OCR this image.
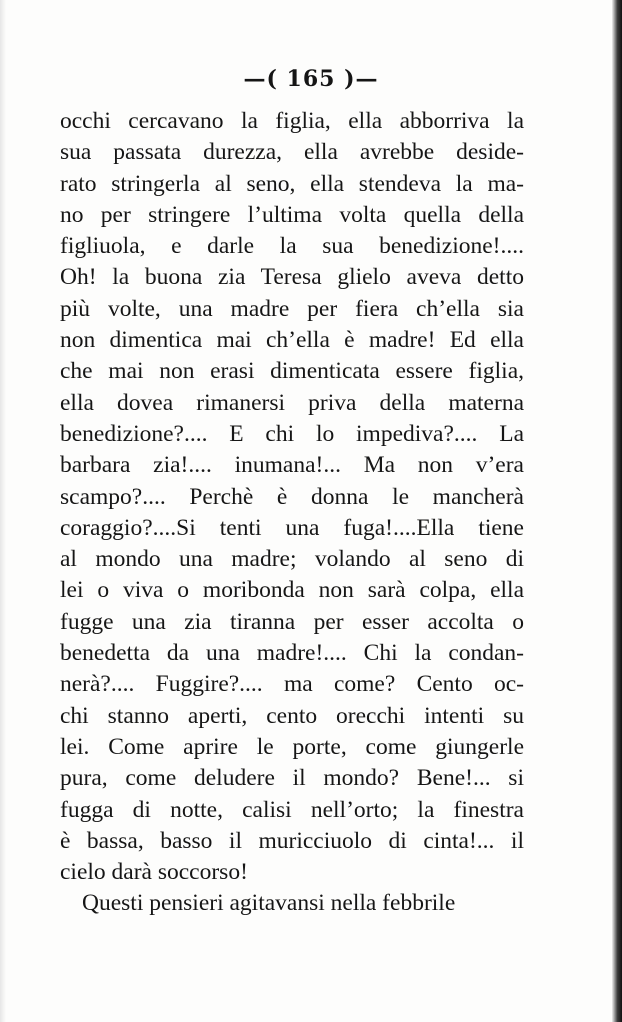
—( 165 )—
occhi cercavano la figlia, ella abborriva la
sua passata durezza, ella avrebbe deside-
rato stringerla al seno, ella stendeva la ma-
no per stringere l’ultima volta quella della
figliuola, e darle la sua benedizione!....
Oh! la buona zia Teresa glielo aveva detto
più volte, una madre per fiera ch’ella sia
non dimentica mai ch’ella è madre! Ed ella
che mai non erasi dimenticata essere figlia,
ella dovea rimanersi priva della materna
benedizione?.... E chi lo impediva?.... La
barbara zia!.... inumana!... Ma non v’era
scampo?.... Perchè è donna le mancherà
coraggio?....Si tenti una fuga!....Ella tiene
al mondo una madre; volando al seno di
lei o viva o moribonda non sarà colpa, ella
fugge una zia tiranna per esser accolta o
benedetta da una madre!.... Chi la condan-
nerà?.... Fuggire?.... ma come? Cento oc-
chi stanno aperti, cento orecchi intenti su
lei. Come aprire le porte, come giungerle
pura, come deludere il mondo? Bene!... si
fugga di notte, calisi nell’orto; la finestra
è bassa, basso il muricciuolo di cinta!... il
cielo darà soccorso!
Questi pensieri agitavansi nella febbrile
